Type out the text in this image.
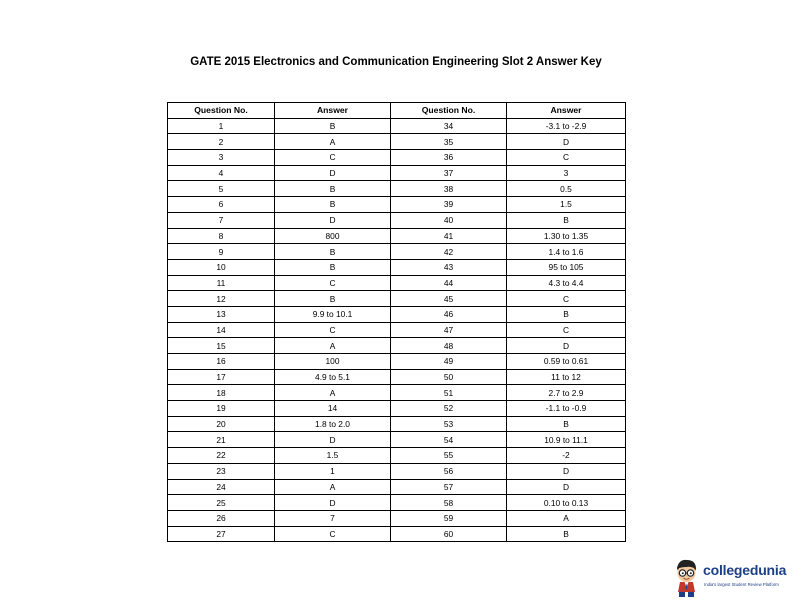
GATE 2015 Electronics and Communication Engineering Slot 2 Answer Key
Question No.	Answer	Question No.	Answer
1	B	34	-3.1 to -2.9
2	A	35	D
3	C	36	C
4	D	37	3
5	B	38	0.5
6	B	39	1.5
7	D	40	B
8	800	41	1.30 to 1.35
9	B	42	1.4 to 1.6
10	B	43	95 to 105
11	C	44	4.3 to 4.4
12	B	45	C
13	9.9 to 10.1	46	B
14	C	47	C
15	A	48	D
16	100	49	0.59 to 0.61
17	4.9 to 5.1	50	11 to 12
18	A	51	2.7 to 2.9
19	14	52	-1.1 to -0.9
20	1.8 to 2.0	53	B
21	D	54	10.9 to 11.1
22	1.5	55	-2
23	1	56	D
24	A	57	D
25	D	58	0.10 to 0.13
26	7	59	A
27	C	60	B
collegedunia
India's largest Student Review Platform
